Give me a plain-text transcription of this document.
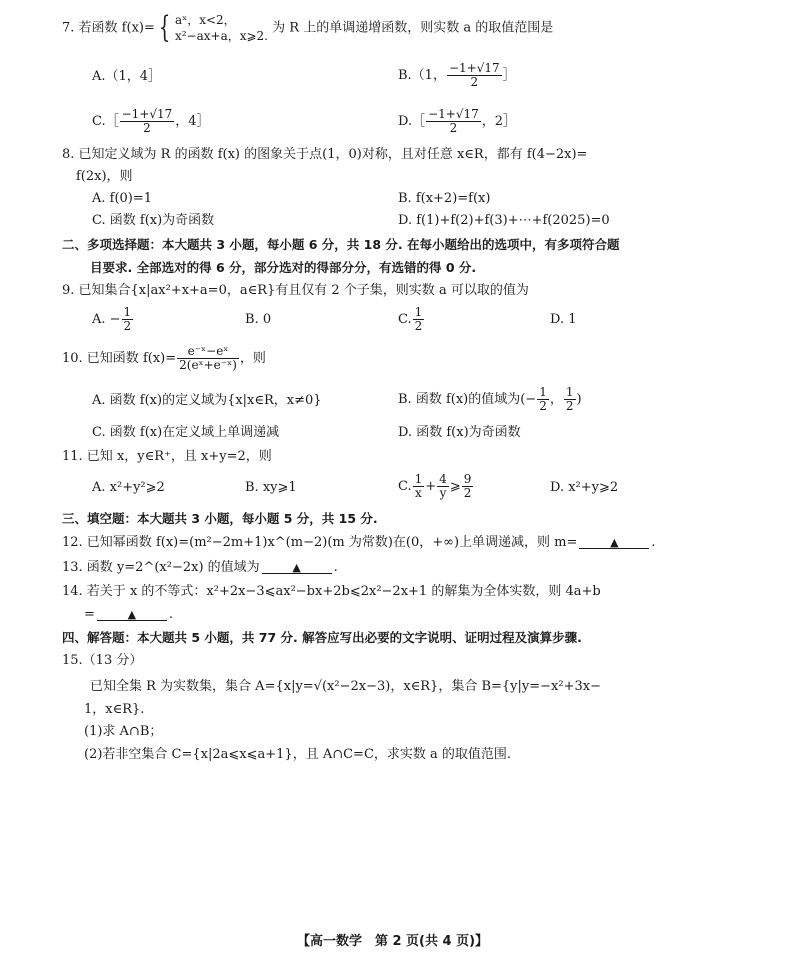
7. 若函数 f(x)= { aˣ，x<2，
x²−ax+a，x⩾2.
为 R 上的单调递增函数，则实数 a 的取值范围是
A.（1，4］	B.（1， $\frac{-1+√17}{2}$ ］
C.［ $\frac{-1+√17}{2}$ ，4］	D.［ $\frac{-1+√17}{2}$ ，2］
8. 已知定义域为 R 的函数 f(x) 的图象关于点(1，0)对称，且对任意 x∈R，都有 f(4−2x)=
f(2x)，则
A. f(0)=1	B. f(x+2)=f(x)
C. 函数 f(x)为奇函数	D. f(1)+f(2)+f(3)+⋯+f(2025)=0
二、多项选择题：本大题共 3 小题，每小题 6 分，共 18 分. 在每小题给出的选项中，有多项符合题
目要求. 全部选对的得 6 分，部分选对的得部分分，有选错的得 0 分.
9. 已知集合{x|ax²+x+a=0，a∈R}有且仅有 2 个子集，则实数 a 可以取的值为
A. − $\frac{1}{2}$	B. 0	C. $\frac{1}{2}$	D. 1
10. 已知函数 $f(x)= \frac{\text{e⁻ˣ−eˣ}}{\text{2(eˣ+e⁻ˣ)}}$ ，则
A. 函数 f(x)的定义域为{x|x∈R，x≠0}	B. 函数 f(x)的值域为(− $\frac{1}{2}$ ， $\frac{1}{2}$ )
C. 函数 f(x)在定义域上单调递减	D. 函数 f(x)为奇函数
11. 已知 x，y∈R⁺，且 x+y=2，则
A. x²+y²⩾2	B. xy⩾1	C. $\frac{1}{x} + \frac{4}{y}$ ⩾ $\frac{9}{2}$	D. x²+y⩾2
三、填空题：本大题共 3 小题，每小题 5 分，共 15 分.
12. 已知幂函数 f(x)=(m²−2m+1)x^(m−2)(m 为常数)在(0，+∞)上单调递减，则 m=	▲	.
13. 函数 y=2^(x²−2x) 的值域为	▲	.
14. 若关于 x 的不等式：x²+2x−3⩽ax²−bx+2b⩽2x²−2x+1 的解集为全体实数，则 4a+b
=	▲	.
四、解答题：本大题共 5 小题，共 77 分. 解答应写出必要的文字说明、证明过程及演算步骤.
15.（13 分）
已知全集 R 为实数集，集合 A={x|y=√(x²−2x−3)，x∈R}，集合 B={y|y=−x²+3x−
1，x∈R}.
(1)求 A∩B；
(2)若非空集合 C={x|2a⩽x⩽a+1}，且 A∩C=C，求实数 a 的取值范围.
【高一数学　第 2 页(共 4 页)】
